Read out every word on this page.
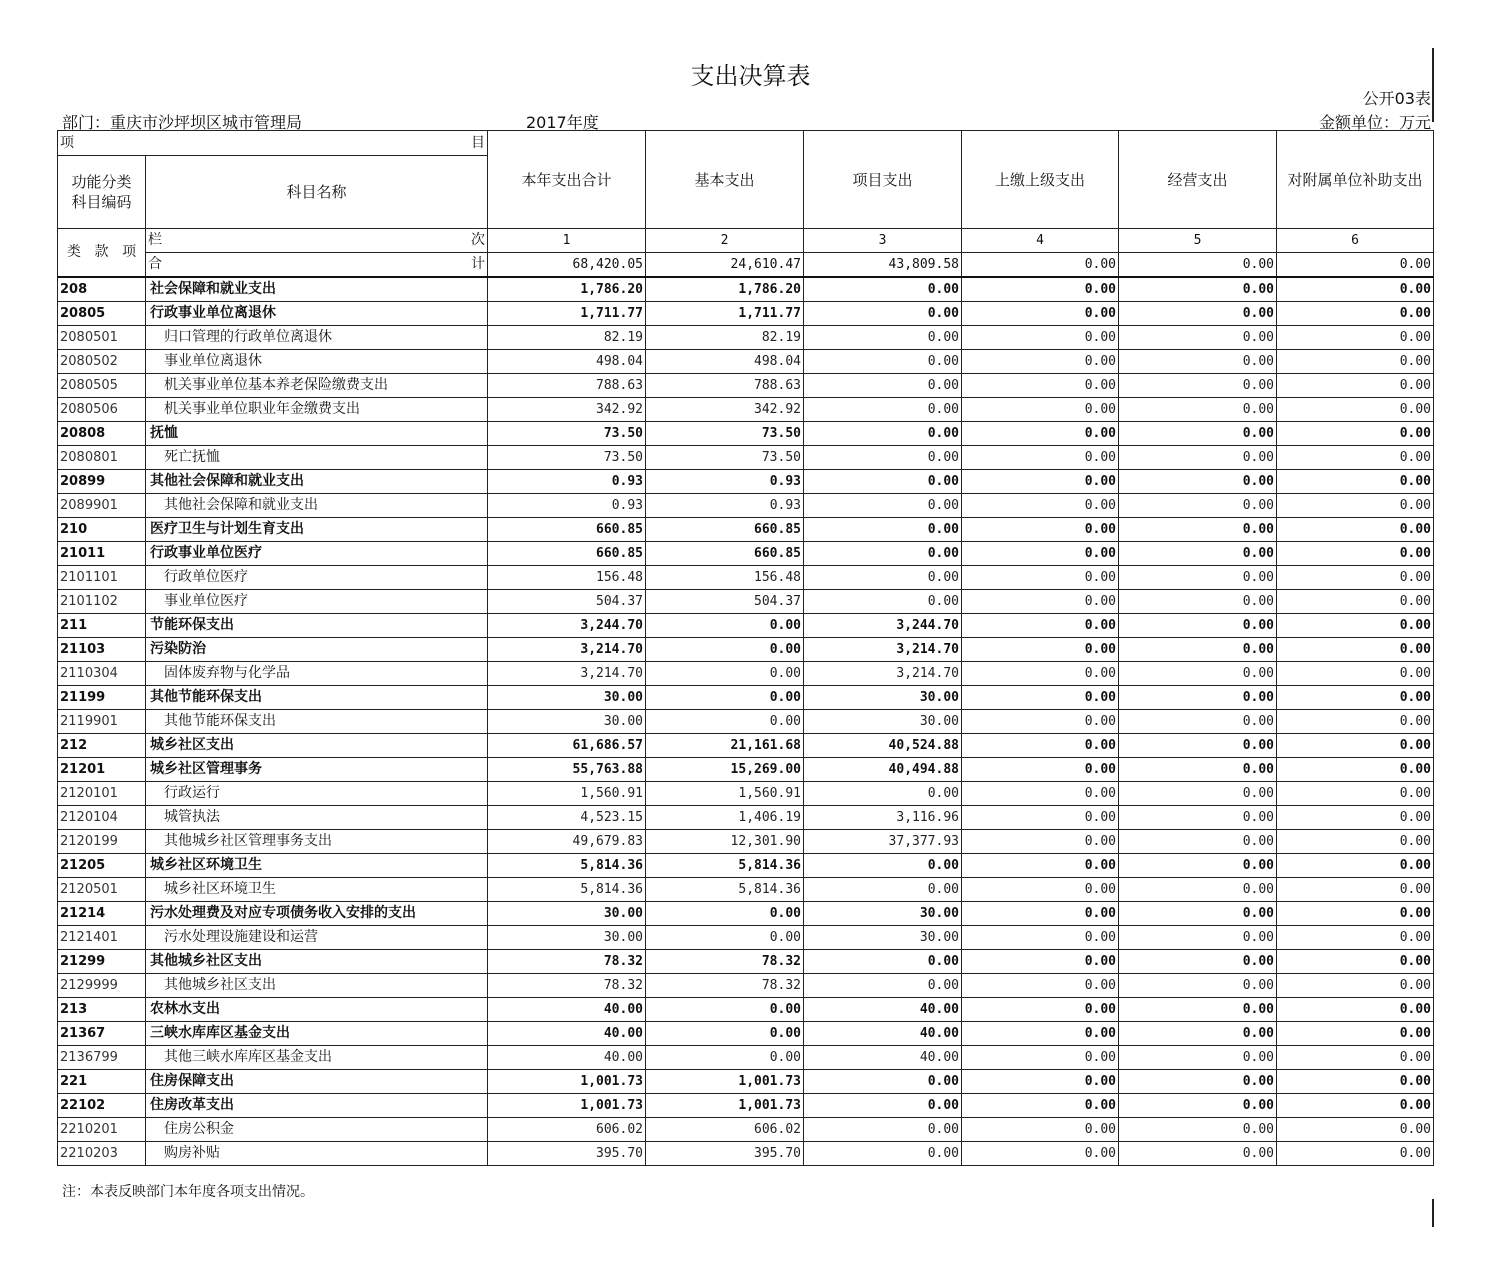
支出决算表
公开03表
部门：重庆市沙坪坝区城市管理局	2017年度	金额单位：万元
项 目		本年支出合计	基本支出	项目支出	上缴上级支出	经营支出	对附属单位补助支出
功能分类
科目编码	科目名称						

类 款 项	栏 次	1	2	3	4	5	6

	合 计	68,420.05	24,610.47	43,809.58	0.00	0.00	0.00
208	社会保障和就业支出	1,786.20	1,786.20	0.00	0.00	0.00	0.00
20805	行政事业单位离退休	1,711.77	1,711.77	0.00	0.00	0.00	0.00
2080501	归口管理的行政单位离退休	82.19	82.19	0.00	0.00	0.00	0.00
2080502	事业单位离退休	498.04	498.04	0.00	0.00	0.00	0.00
2080505	机关事业单位基本养老保险缴费支出	788.63	788.63	0.00	0.00	0.00	0.00
2080506	机关事业单位职业年金缴费支出	342.92	342.92	0.00	0.00	0.00	0.00
20808	抚恤	73.50	73.50	0.00	0.00	0.00	0.00
2080801	死亡抚恤	73.50	73.50	0.00	0.00	0.00	0.00
20899	其他社会保障和就业支出	0.93	0.93	0.00	0.00	0.00	0.00
2089901	其他社会保障和就业支出	0.93	0.93	0.00	0.00	0.00	0.00
210	医疗卫生与计划生育支出	660.85	660.85	0.00	0.00	0.00	0.00
21011	行政事业单位医疗	660.85	660.85	0.00	0.00	0.00	0.00
2101101	行政单位医疗	156.48	156.48	0.00	0.00	0.00	0.00
2101102	事业单位医疗	504.37	504.37	0.00	0.00	0.00	0.00
211	节能环保支出	3,244.70	0.00	3,244.70	0.00	0.00	0.00
21103	污染防治	3,214.70	0.00	3,214.70	0.00	0.00	0.00
2110304	固体废弃物与化学品	3,214.70	0.00	3,214.70	0.00	0.00	0.00
21199	其他节能环保支出	30.00	0.00	30.00	0.00	0.00	0.00
2119901	其他节能环保支出	30.00	0.00	30.00	0.00	0.00	0.00
212	城乡社区支出	61,686.57	21,161.68	40,524.88	0.00	0.00	0.00
21201	城乡社区管理事务	55,763.88	15,269.00	40,494.88	0.00	0.00	0.00
2120101	行政运行	1,560.91	1,560.91	0.00	0.00	0.00	0.00
2120104	城管执法	4,523.15	1,406.19	3,116.96	0.00	0.00	0.00
2120199	其他城乡社区管理事务支出	49,679.83	12,301.90	37,377.93	0.00	0.00	0.00
21205	城乡社区环境卫生	5,814.36	5,814.36	0.00	0.00	0.00	0.00
2120501	城乡社区环境卫生	5,814.36	5,814.36	0.00	0.00	0.00	0.00
21214	污水处理费及对应专项债务收入安排的支出	30.00	0.00	30.00	0.00	0.00	0.00
2121401	污水处理设施建设和运营	30.00	0.00	30.00	0.00	0.00	0.00
21299	其他城乡社区支出	78.32	78.32	0.00	0.00	0.00	0.00
2129999	其他城乡社区支出	78.32	78.32	0.00	0.00	0.00	0.00
213	农林水支出	40.00	0.00	40.00	0.00	0.00	0.00
21367	三峡水库库区基金支出	40.00	0.00	40.00	0.00	0.00	0.00
2136799	其他三峡水库库区基金支出	40.00	0.00	40.00	0.00	0.00	0.00
221	住房保障支出	1,001.73	1,001.73	0.00	0.00	0.00	0.00
22102	住房改革支出	1,001.73	1,001.73	0.00	0.00	0.00	0.00
2210201	住房公积金	606.02	606.02	0.00	0.00	0.00	0.00
2210203	购房补贴	395.70	395.70	0.00	0.00	0.00	0.00
注：本表反映部门本年度各项支出情况。
